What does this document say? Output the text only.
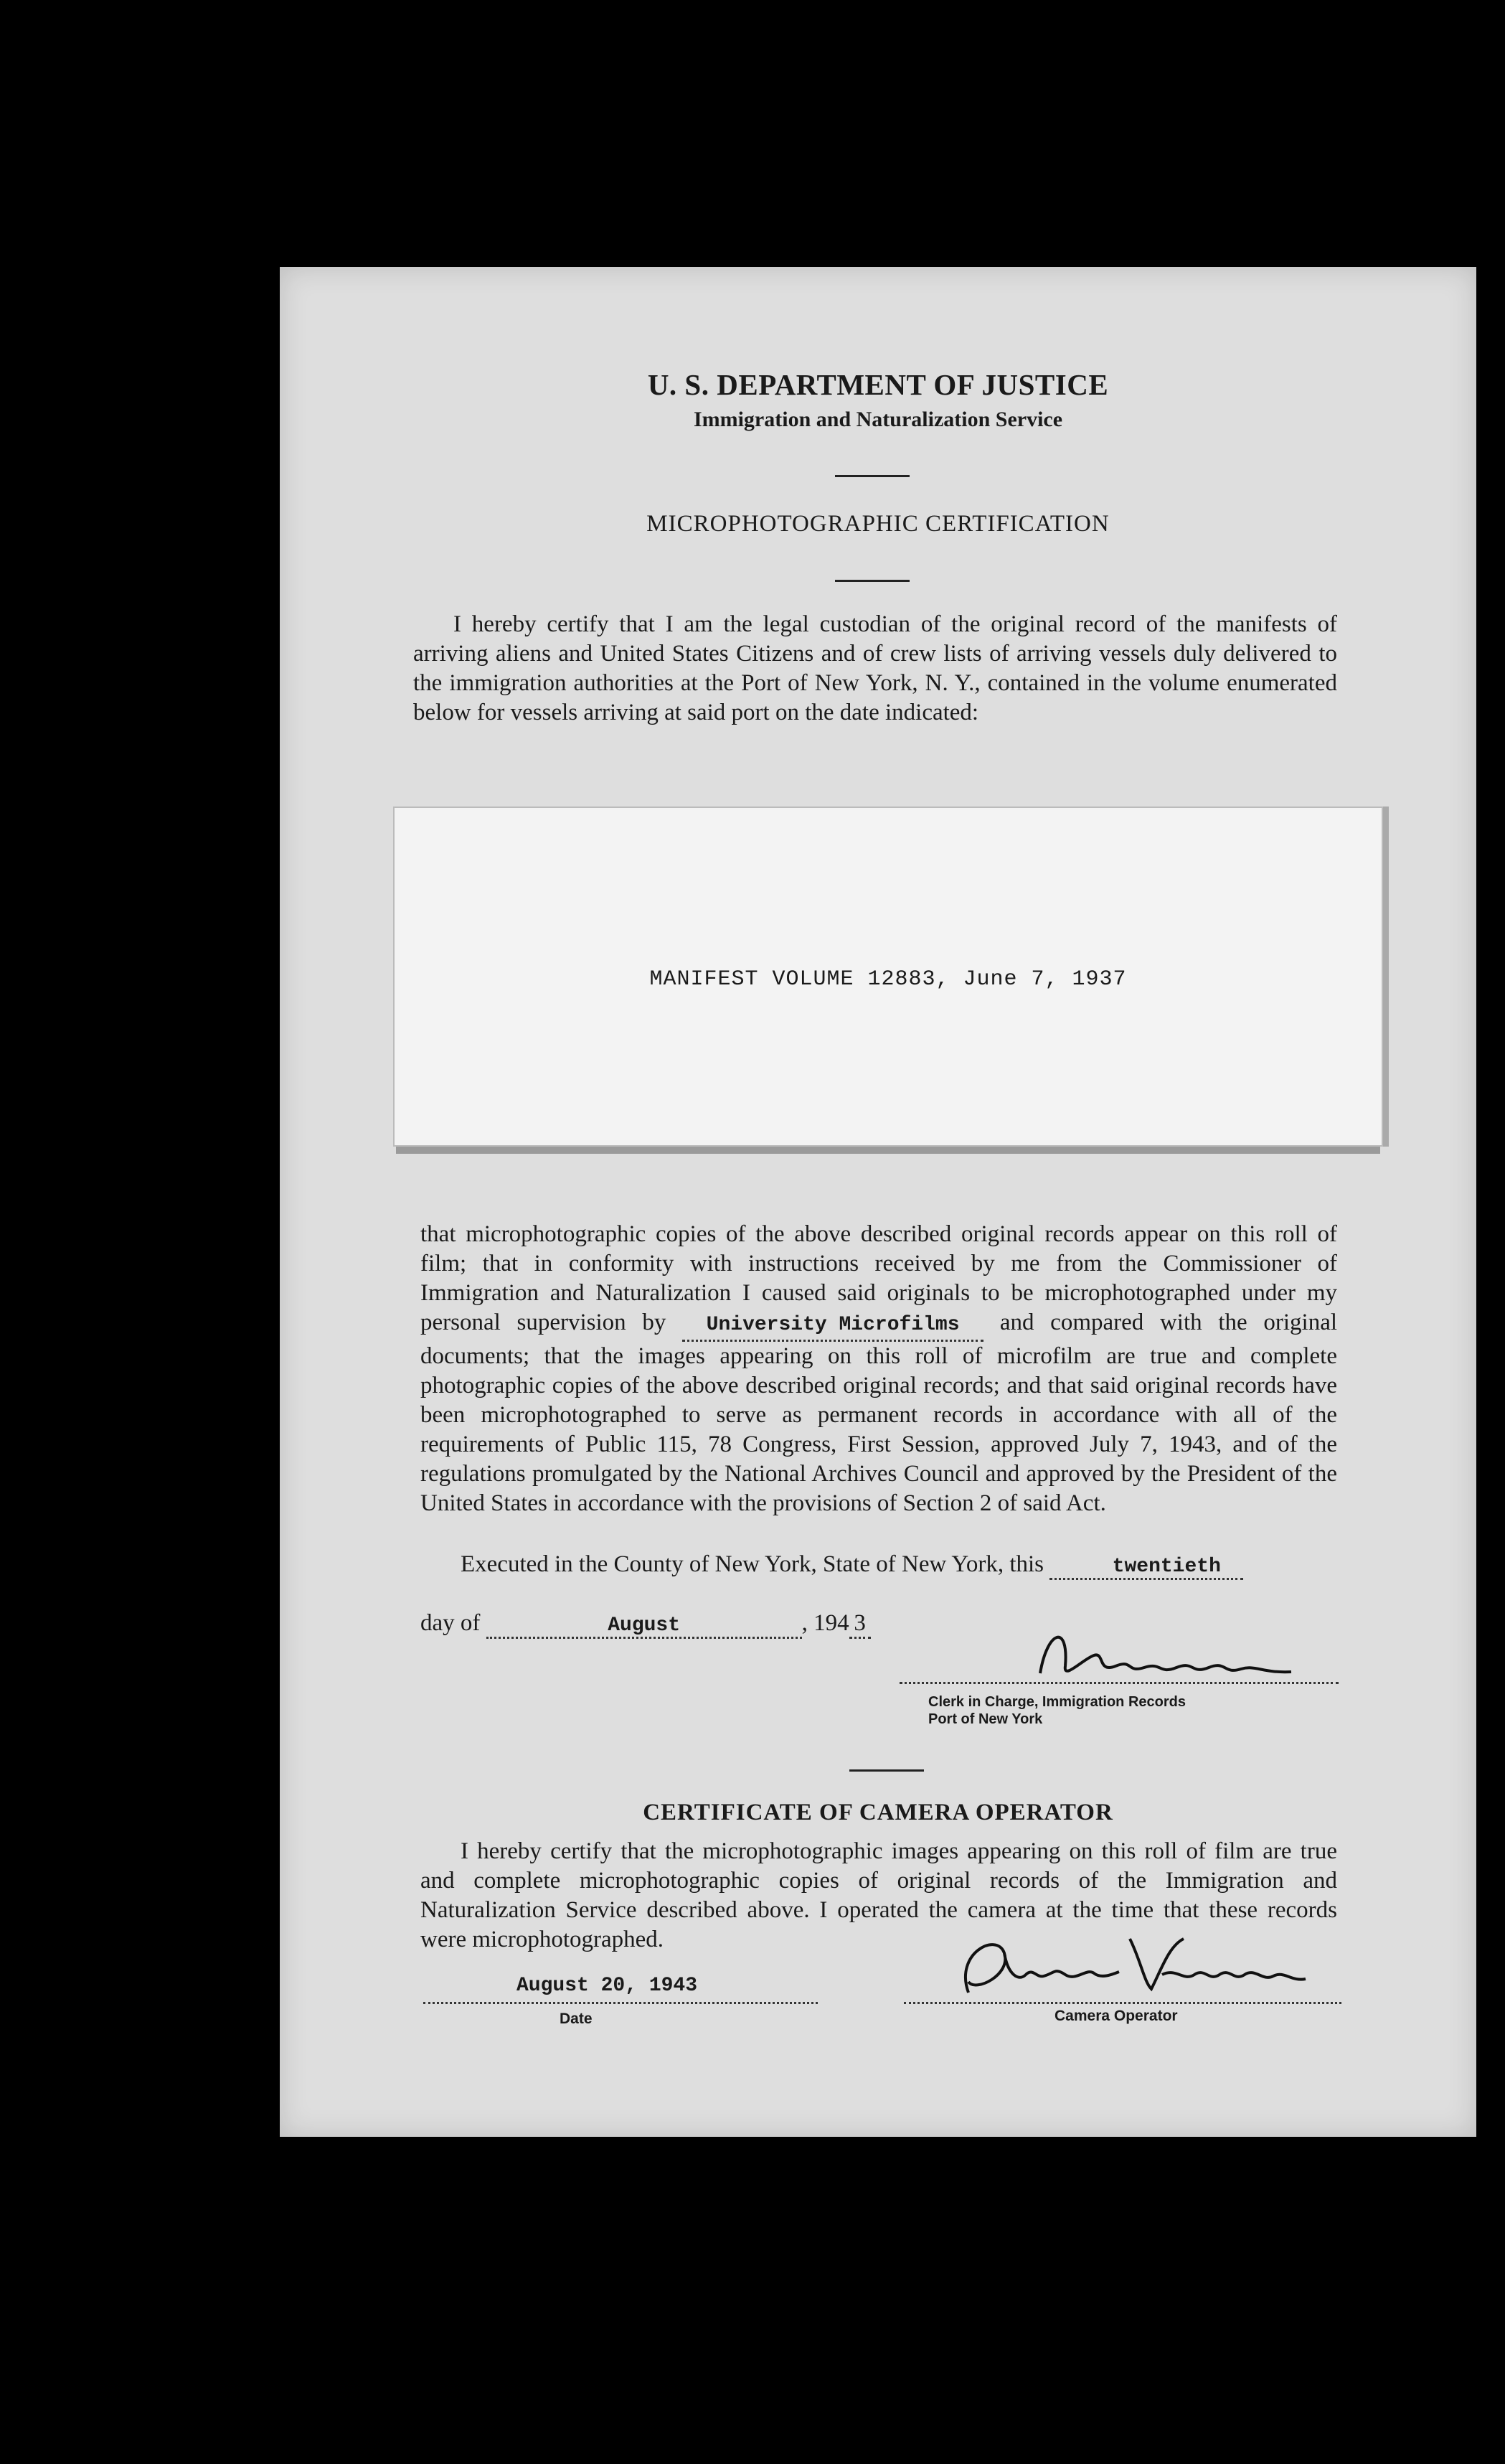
U. S. DEPARTMENT OF JUSTICE
Immigration and Naturalization Service
MICROPHOTOGRAPHIC CERTIFICATION
I hereby certify that I am the legal custodian of the original record of the manifests of arriving aliens and United States Citizens and of crew lists of arriving vessels duly delivered to the immigration authorities at the Port of New York, N. Y., contained in the volume enumerated below for vessels arriving at said port on the date indicated:
MANIFEST VOLUME 12883, June 7, 1937
that microphotographic copies of the above described original records appear on this roll of film; that in conformity with instructions received by me from the Commissioner of Immigration and Naturalization I caused said originals to be microphotographed under my personal supervision by University Microfilms and compared with the original documents; that the images appearing on this roll of microfilm are true and complete photographic copies of the above described original records; and that said original records have been microphotographed to serve as permanent records in accordance with all of the requirements of Public 115, 78 Congress, First Session, approved July 7, 1943, and of the regulations promulgated by the National Archives Council and approved by the President of the United States in accordance with the provisions of Section 2 of said Act.
Executed in the County of New York, State of New York, this	twentieth
day of	August	, 194 3
Clerk in Charge, Immigration Records
Port of New York
CERTIFICATE OF CAMERA OPERATOR
I hereby certify that the microphotographic images appearing on this roll of film are true and complete microphotographic copies of original records of the Immigration and Naturalization Service described above. I operated the camera at the time that these records were microphotographed.
August 20, 1943
Date	Camera Operator
